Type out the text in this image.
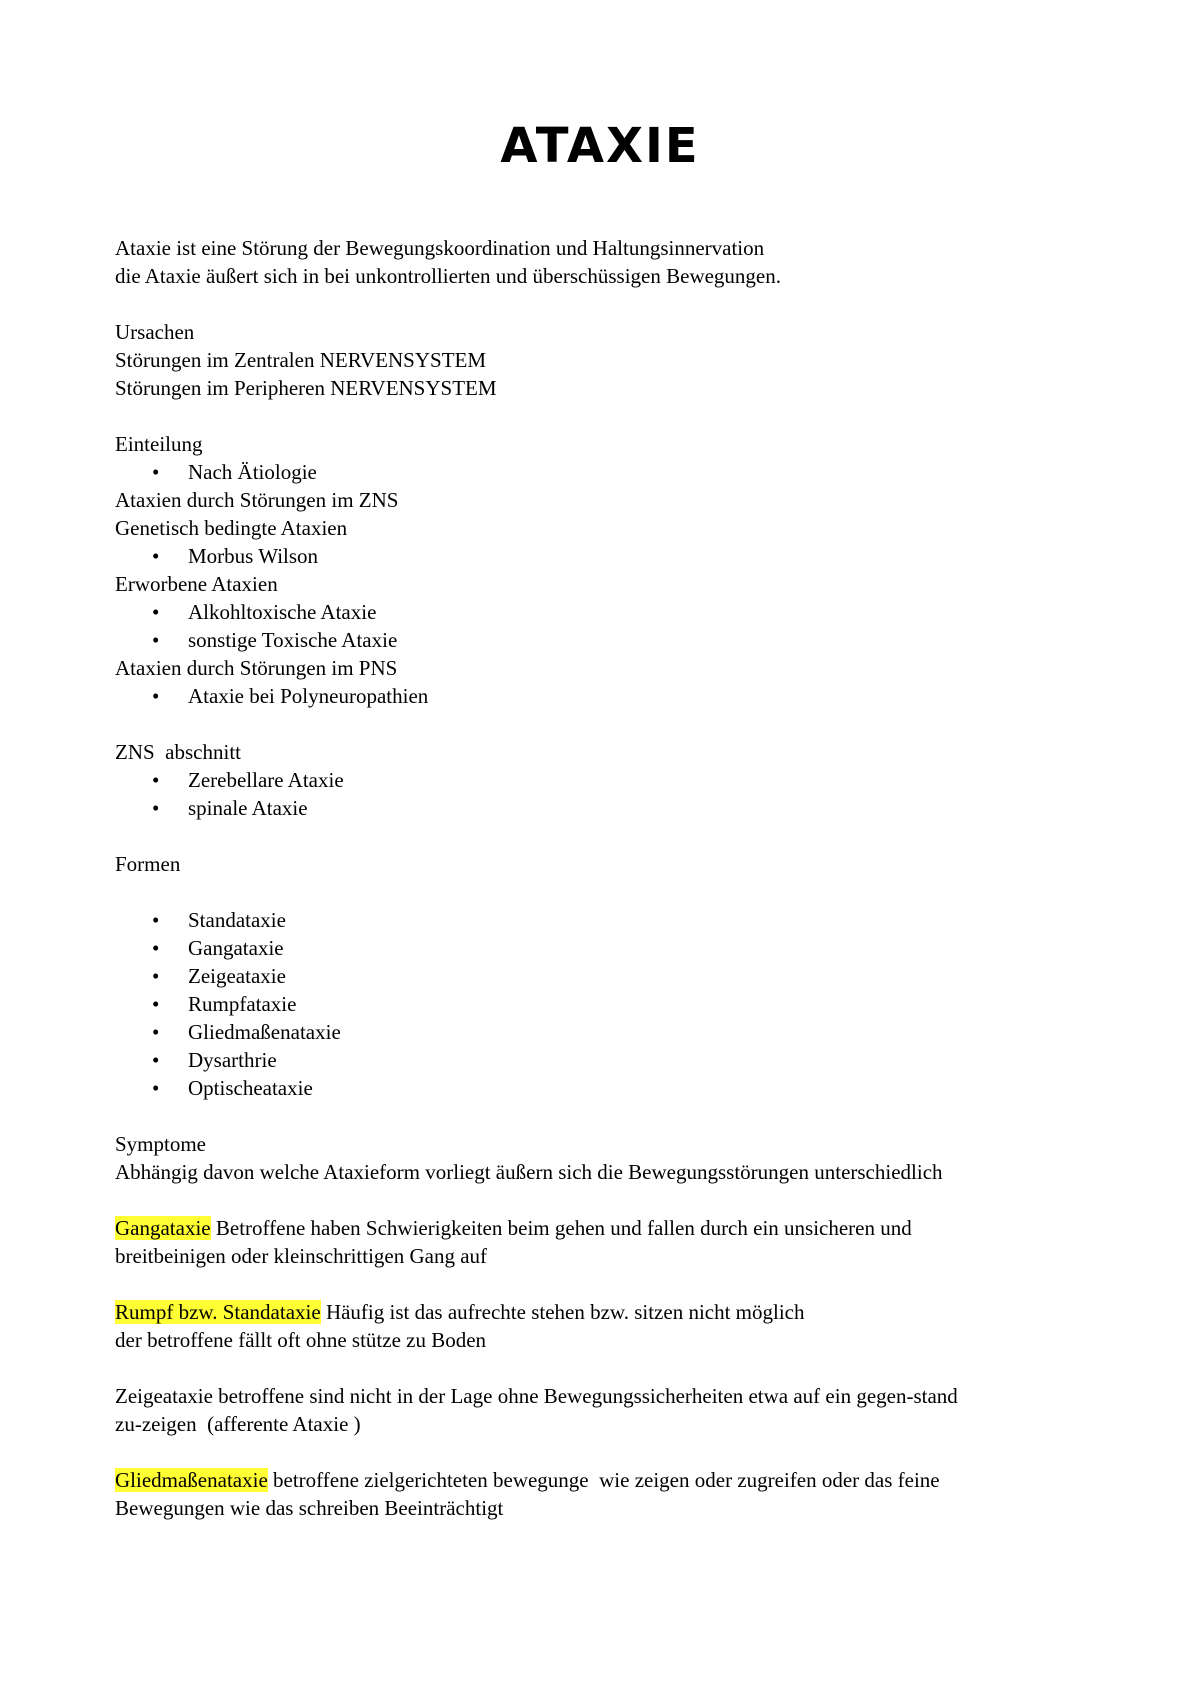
ATAXIE
Ataxie ist eine Störung der Bewegungskoordination und Haltungsinnervation
die Ataxie äußert sich in bei unkontrollierten und überschüssigen Bewegungen.
Ursachen
Störungen im Zentralen NERVENSYSTEM
Störungen im Peripheren NERVENSYSTEM
Einteilung
• Nach Ätiologie
Ataxien durch Störungen im ZNS
Genetisch bedingte Ataxien
• Morbus Wilson
Erworbene Ataxien
• Alkohltoxische Ataxie
• sonstige Toxische Ataxie
Ataxien durch Störungen im PNS
• Ataxie bei Polyneuropathien
ZNS  abschnitt
• Zerebellare Ataxie
• spinale Ataxie
Formen
• Standataxie
• Gangataxie
• Zeigeataxie
• Rumpfataxie
• Gliedmaßenataxie
• Dysarthrie
• Optischeataxie
Symptome
Abhängig davon welche Ataxieform vorliegt äußern sich die Bewegungsstörungen unterschiedlich
Gangataxie Betroffene haben Schwierigkeiten beim gehen und fallen durch ein unsicheren und
breitbeinigen oder kleinschrittigen Gang auf
Rumpf bzw. Standataxie Häufig ist das aufrechte stehen bzw. sitzen nicht möglich
der betroffene fällt oft ohne stütze zu Boden
Zeigeataxie betroffene sind nicht in der Lage ohne Bewegungssicherheiten etwa auf ein gegen-stand
zu-zeigen  (afferente Ataxie )
Gliedmaßenataxie betroffene zielgerichteten bewegunge  wie zeigen oder zugreifen oder das feine
Bewegungen wie das schreiben Beeinträchtigt
